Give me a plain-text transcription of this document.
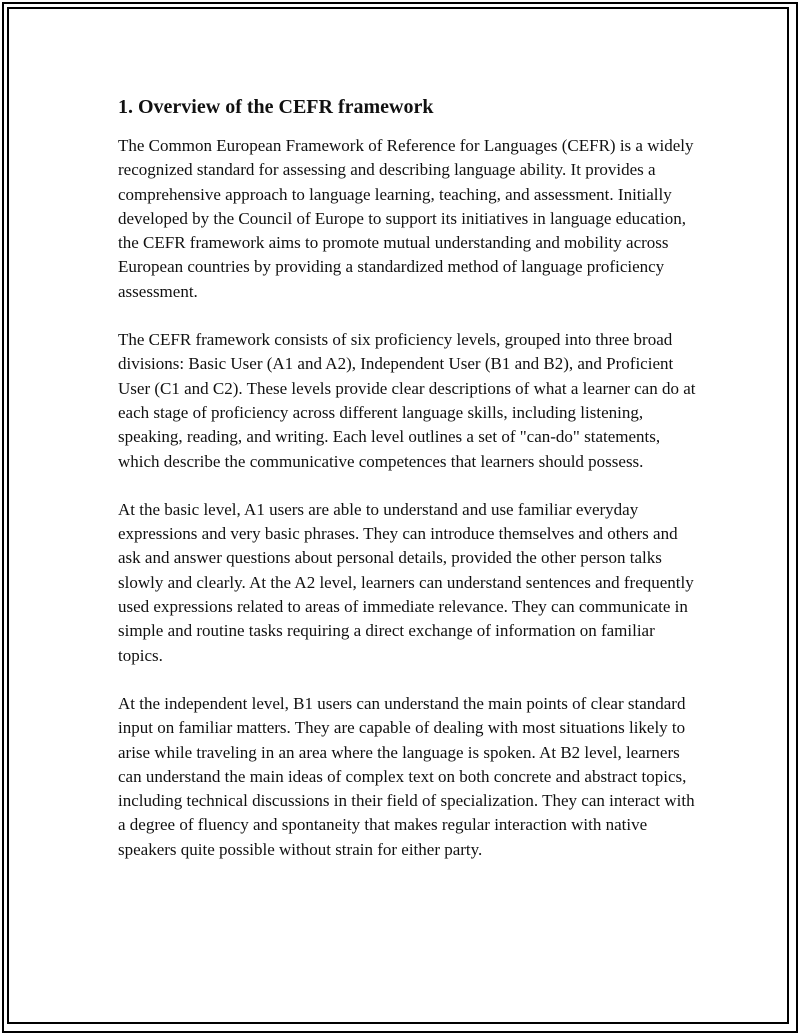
1. Overview of the CEFR framework

The Common European Framework of Reference for Languages (CEFR) is a widely recognized standard for assessing and describing language ability. It provides a comprehensive approach to language learning, teaching, and assessment. Initially developed by the Council of Europe to support its initiatives in language education, the CEFR framework aims to promote mutual understanding and mobility across European countries by providing a standardized method of language proficiency assessment.

The CEFR framework consists of six proficiency levels, grouped into three broad divisions: Basic User (A1 and A2), Independent User (B1 and B2), and Proficient User (C1 and C2). These levels provide clear descriptions of what a learner can do at each stage of proficiency across different language skills, including listening, speaking, reading, and writing. Each level outlines a set of "can-do" statements, which describe the communicative competences that learners should possess.

At the basic level, A1 users are able to understand and use familiar everyday expressions and very basic phrases. They can introduce themselves and others and ask and answer questions about personal details, provided the other person talks slowly and clearly. At the A2 level, learners can understand sentences and frequently used expressions related to areas of immediate relevance. They can communicate in simple and routine tasks requiring a direct exchange of information on familiar topics.

At the independent level, B1 users can understand the main points of clear standard input on familiar matters. They are capable of dealing with most situations likely to arise while traveling in an area where the language is spoken. At B2 level, learners can understand the main ideas of complex text on both concrete and abstract topics, including technical discussions in their field of specialization. They can interact with a degree of fluency and spontaneity that makes regular interaction with native speakers quite possible without strain for either party.
